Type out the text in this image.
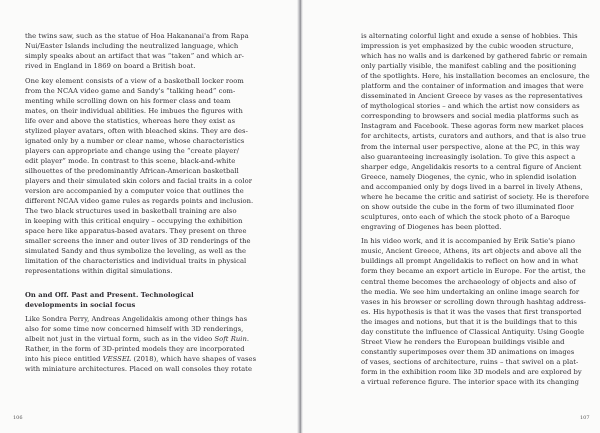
the twins saw, such as the statue of Hoa Hakananai'a from Rapa
Nui/Easter Islands including the neutralized language, which
simply speaks about an artifact that was “taken” and which ar-
rived in England in 1869 on board a British boat.

One key element consists of a view of a basketball locker room
from the NCAA video game and Sandy's “talking head” com-
menting while scrolling down on his former class and team
mates, on their individual abilities. He imbues the figures with
life over and above the statistics, whereas here they exist as
stylized player avatars, often with bleached skins. They are des-
ignated only by a number or clear name, whose characteristics
players can appropriate and change using the “create player/
edit player” mode. In contrast to this scene, black-and-white
silhouettes of the predominantly African-American basketball
players and their simulated skin colors and facial traits in a color
version are accompanied by a computer voice that outlines the
different NCAA video game rules as regards points and inclusion.
The two black structures used in basketball training are also
in keeping with this critical enquiry – occupying the exhibition
space here like apparatus-based avatars. They present on three
smaller screens the inner and outer lives of 3D renderings of the
simulated Sandy and thus symbolize the leveling, as well as the
limitation of the characteristics and individual traits in physical
representations within digital simulations.

On and Off. Past and Present. Technological
developments in social focus

Like Sondra Perry, Andreas Angelidakis among other things has
also for some time now concerned himself with 3D renderings,
albeit not just in the virtual form, such as in the video Soft Ruin.
Rather, in the form of 3D-printed models they are incorporated
into his piece entitled VESSEL (2018), which have shapes of vases
with miniature architectures. Placed on wall consoles they rotate

106

is alternating colorful light and exude a sense of hobbies. This
impression is yet emphasized by the cubic wooden structure,
which has no walls and is darkened by gathered fabric or remain
only partially visible, the manifest cabling and the positioning
of the spotlights. Here, his installation becomes an enclosure, the
platform and the container of information and images that were
disseminated in Ancient Greece by vases as the representatives
of mythological stories – and which the artist now considers as
corresponding to browsers and social media platforms such as
Instagram and Facebook. These agoras form new market places
for architects, artists, curators and authors, and that is also true
from the internal user perspective, alone at the PC, in this way
also guaranteeing increasingly isolation. To give this aspect a
sharper edge, Angelidakis resorts to a central figure of Ancient
Greece, namely Diogenes, the cynic, who in splendid isolation
and accompanied only by dogs lived in a barrel in lively Athens,
where he became the critic and satirist of society. He is therefore
on show outside the cube in the form of two illuminated floor
sculptures, onto each of which the stock photo of a Baroque
engraving of Diogenes has been plotted.

In his video work, and it is accompanied by Erik Satie's piano
music, Ancient Greece, Athens, its art objects and above all the
buildings all prompt Angelidakis to reflect on how and in what
form they became an export article in Europe. For the artist, the
central theme becomes the archaeology of objects and also of
the media. We see him undertaking an online image search for
vases in his browser or scrolling down through hashtag address-
es. His hypothesis is that it was the vases that first transported
the images and notions, but that it is the buildings that to this
day constitute the influence of Classical Antiquity. Using Google
Street View he renders the European buildings visible and
constantly superimposes over them 3D animations on images
of vases, sections of architecture, ruins – that swivel on a plat-
form in the exhibition room like 3D models and are explored by
a virtual reference figure. The interior space with its changing

107
